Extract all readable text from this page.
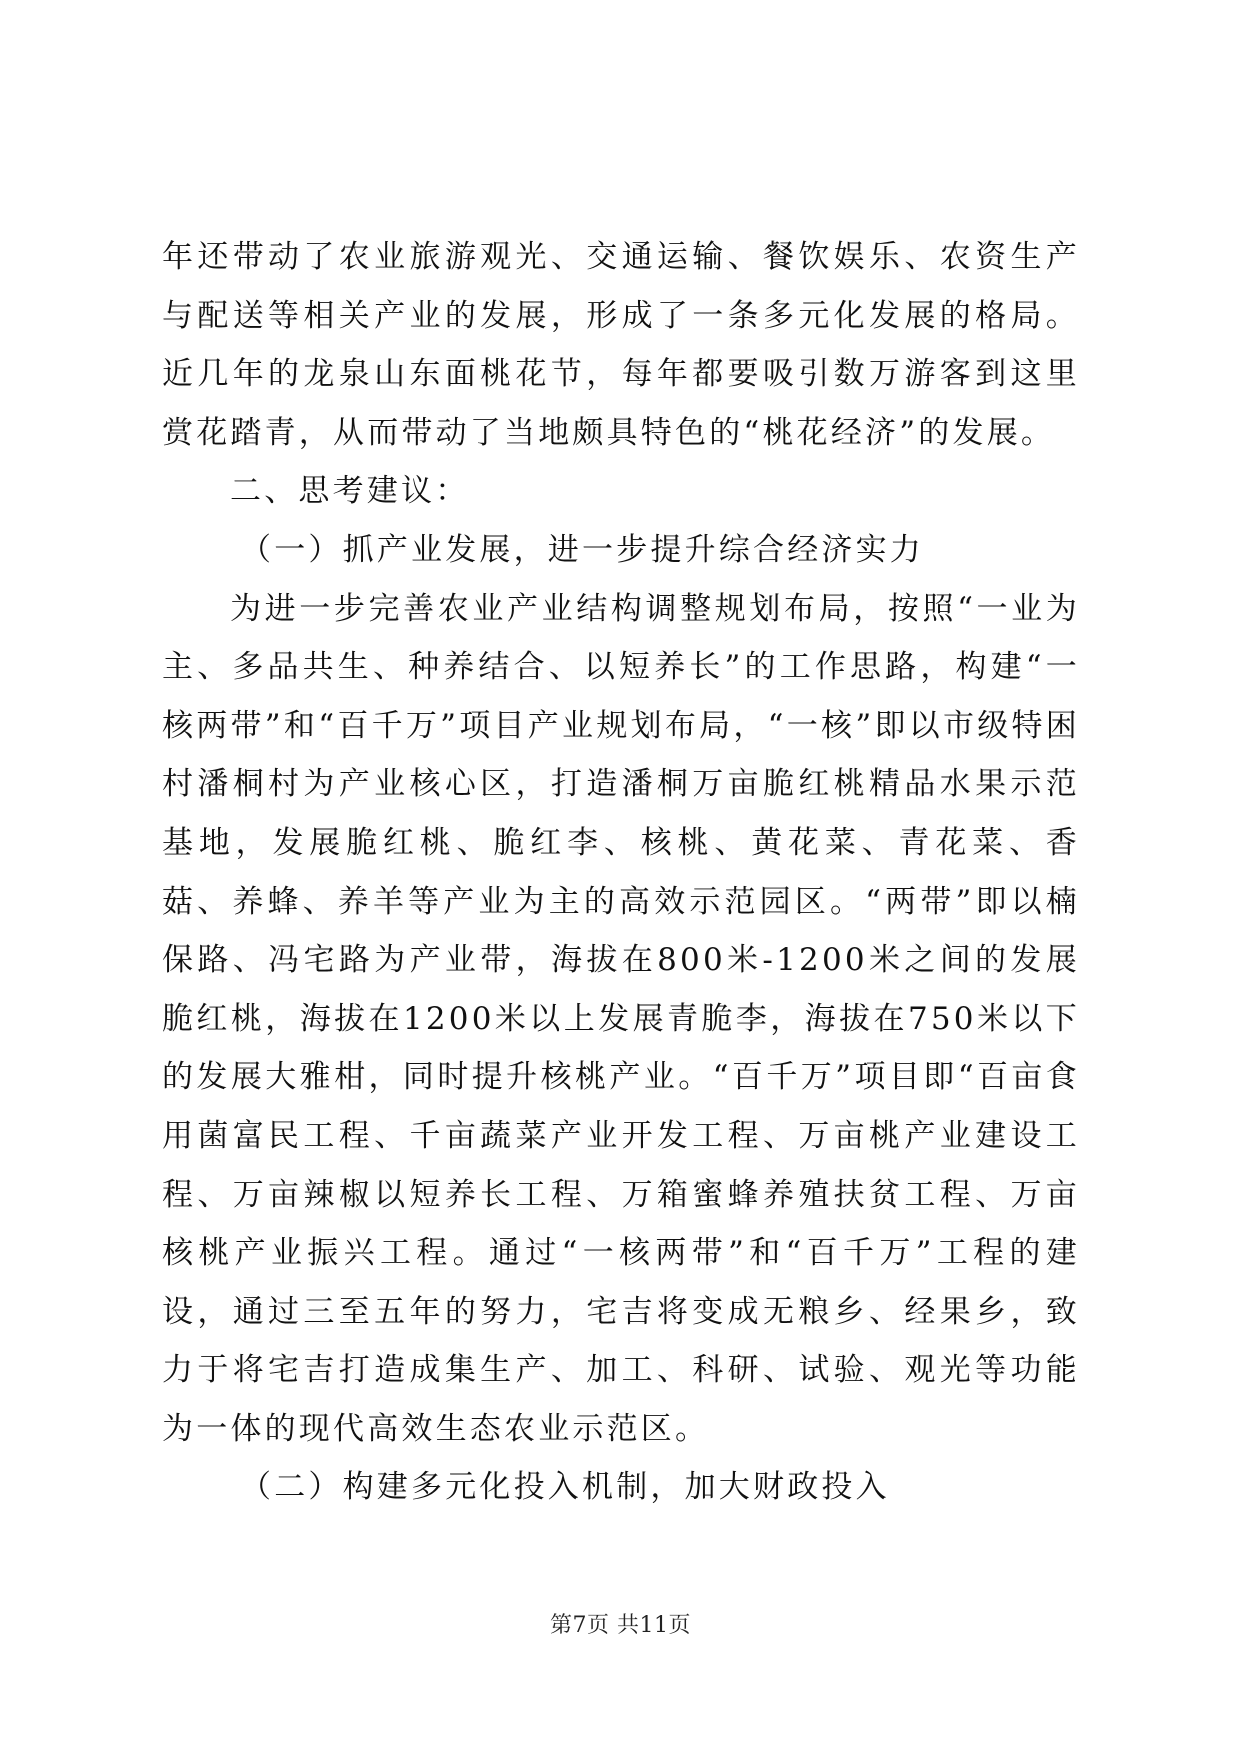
年还带动了农业旅游观光、交通运输、餐饮娱乐、农资生产与配送等相关产业的发展，形成了一条多元化发展的格局。近几年的龙泉山东面桃花节，每年都要吸引数万游客到这里赏花踏青，从而带动了当地颇具特色的“桃花经济”的发展。

二、思考建议：

（一）抓产业发展，进一步提升综合经济实力

为进一步完善农业产业结构调整规划布局，按照“一业为主、多品共生、种养结合、以短养长”的工作思路，构建“一核两带”和“百千万”项目产业规划布局，“一核”即以市级特困村潘桐村为产业核心区，打造潘桐万亩脆红桃精品水果示范基地，发展脆红桃、脆红李、核桃、黄花菜、青花菜、香菇、养蜂、养羊等产业为主的高效示范园区。“两带”即以楠保路、冯宅路为产业带，海拔在800米-1200米之间的发展脆红桃，海拔在1200米以上发展青脆李，海拔在750米以下的发展大雅柑，同时提升核桃产业。“百千万”项目即“百亩食用菌富民工程、千亩蔬菜产业开发工程、万亩桃产业建设工程、万亩辣椒以短养长工程、万箱蜜蜂养殖扶贫工程、万亩核桃产业振兴工程。通过“一核两带”和“百千万”工程的建设，通过三至五年的努力，宅吉将变成无粮乡、经果乡，致力于将宅吉打造成集生产、加工、科研、试验、观光等功能为一体的现代高效生态农业示范区。

（二）构建多元化投入机制，加大财政投入

第7页 共11页
